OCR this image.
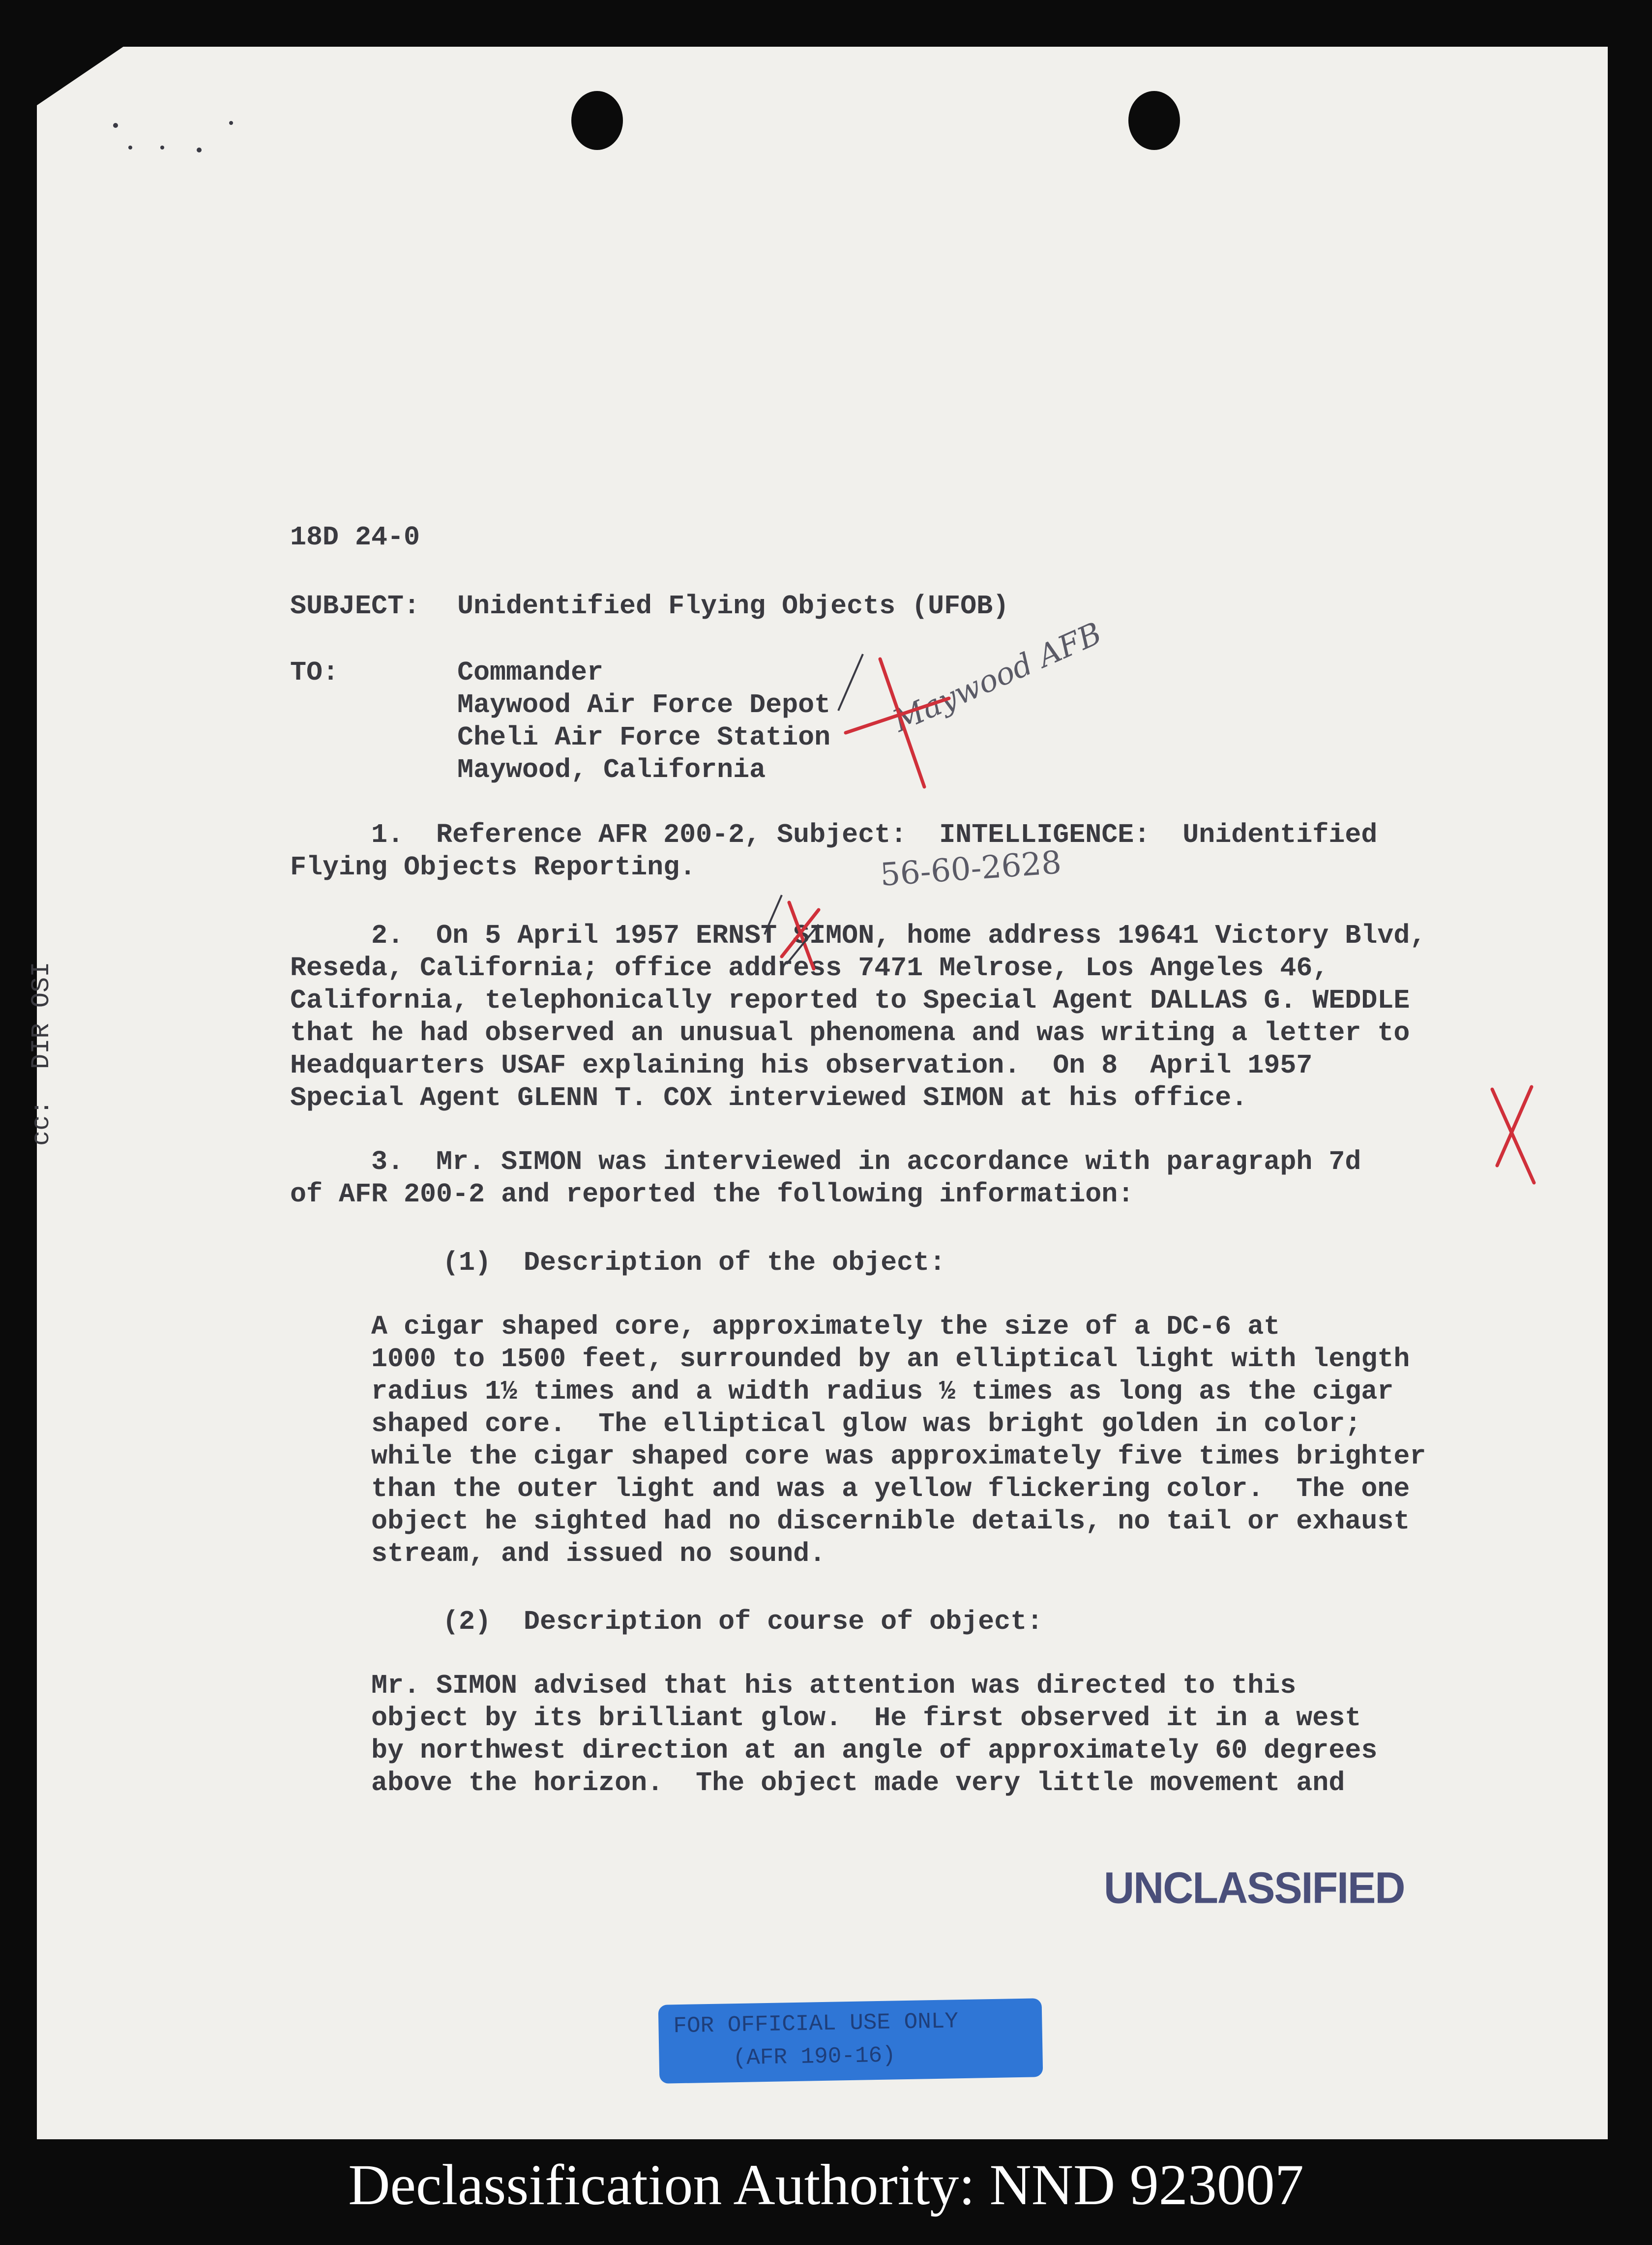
18D 24-0
SUBJECT: Unidentified Flying Objects (UFOB)
TO:	Commander
Maywood Air Force Depot
Cheli Air Force Station
Maywood, California
1.  Reference AFR 200-2, Subject:  INTELLIGENCE:  Unidentified
Flying Objects Reporting.
2.  On 5 April 1957 ERNST SIMON, home address 19641 Victory Blvd,
Reseda, California; office address 7471 Melrose, Los Angeles 46,
California, telephonically reported to Special Agent DALLAS G. WEDDLE
that he had observed an unusual phenomena and was writing a letter to
Headquarters USAF explaining his observation.  On 8  April 1957
Special Agent GLENN T. COX interviewed SIMON at his office.
3.  Mr. SIMON was interviewed in accordance with paragraph 7d
of AFR 200-2 and reported the following information:
(1)  Description of the object:
A cigar shaped core, approximately the size of a DC-6 at
1000 to 1500 feet, surrounded by an elliptical light with length
radius 1½ times and a width radius ½ times as long as the cigar
shaped core.  The elliptical glow was bright golden in color;
while the cigar shaped core was approximately five times brighter
than the outer light and was a yellow flickering color.  The one
object he sighted had no discernible details, no tail or exhaust
stream, and issued no sound.
(2)  Description of course of object:
Mr. SIMON advised that his attention was directed to this
object by its brilliant glow.  He first observed it in a west
by northwest direction at an angle of approximately 60 degrees
above the horizon.  The object made very little movement and
cc:  DIR OSI
Maywood AFB
56-60-2628
UNCLASSIFIED
FOR OFFICIAL USE ONLY
(AFR 190-16)
Declassification Authority: NND 923007
